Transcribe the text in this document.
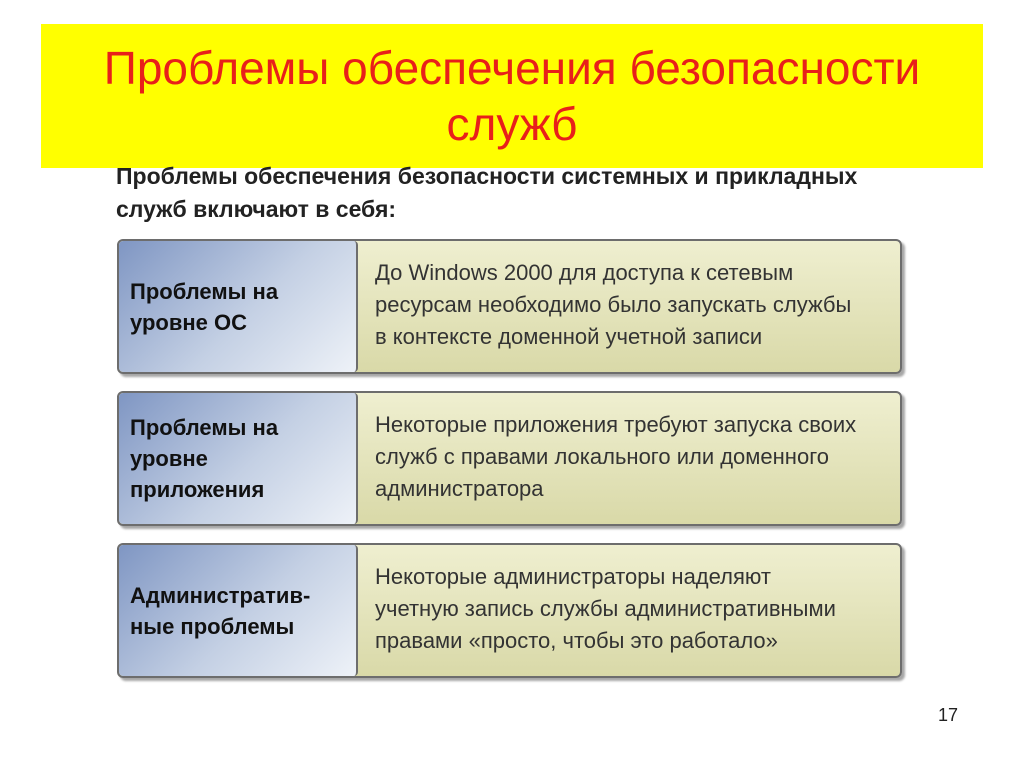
Проблемы обеспечения безопасности служб

Проблемы обеспечения безопасности системных и прикладных служб включают в себя:

Проблемы на
уровне ОС
До Windows 2000 для доступа к сетевым
ресурсам необходимо было запускать службы
в контексте доменной учетной записи
Проблемы на
уровне
приложения
Некоторые приложения требуют запуска своих
служб с правами локального или доменного
администратора
Административ-
ные проблемы
Некоторые администраторы наделяют
учетную запись службы административными
правами «просто, чтобы это работало»
17
